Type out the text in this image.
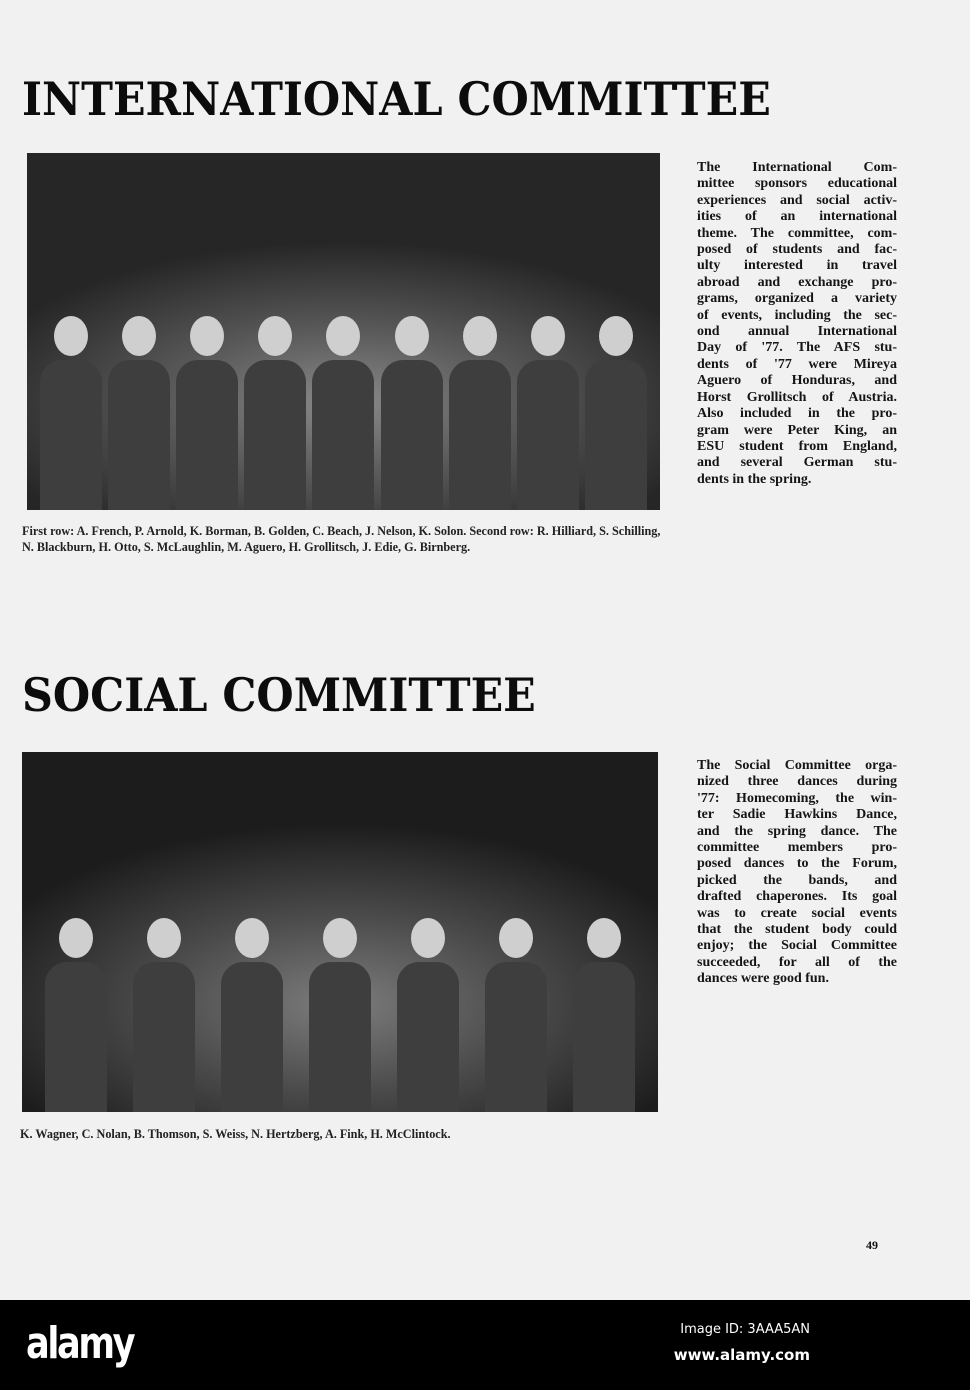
INTERNATIONAL COMMITTEE
First row: A. French, P. Arnold, K. Borman, B. Golden, C. Beach, J. Nelson, K. Solon. Second row: R. Hilliard, S. Schilling, N. Blackburn, H. Otto, S. McLaughlin, M. Aguero, H. Grollitsch, J. Edie, G. Birnberg.
The International Com-
mittee sponsors educational
experiences and social activ-
ities of an international
theme. The committee, com-
posed of students and fac-
ulty interested in travel
abroad and exchange pro-
grams, organized a variety
of events, including the sec-
ond annual International
Day of '77. The AFS stu-
dents of '77 were Mireya
Aguero of Honduras, and
Horst Grollitsch of Austria.
Also included in the pro-
gram were Peter King, an
ESU student from England,
and several German stu-
dents in the spring.
SOCIAL COMMITTEE
K. Wagner, C. Nolan, B. Thomson, S. Weiss, N. Hertzberg, A. Fink, H. McClintock.
The Social Committee orga-
nized three dances during
'77: Homecoming, the win-
ter Sadie Hawkins Dance,
and the spring dance. The
committee members pro-
posed dances to the Forum,
picked the bands, and
drafted chaperones. Its goal
was to create social events
that the student body could
enjoy; the Social Committee
succeeded, for all of the
dances were good fun.
49
alamy	Image ID: 3AAA5AN
www.alamy.com
